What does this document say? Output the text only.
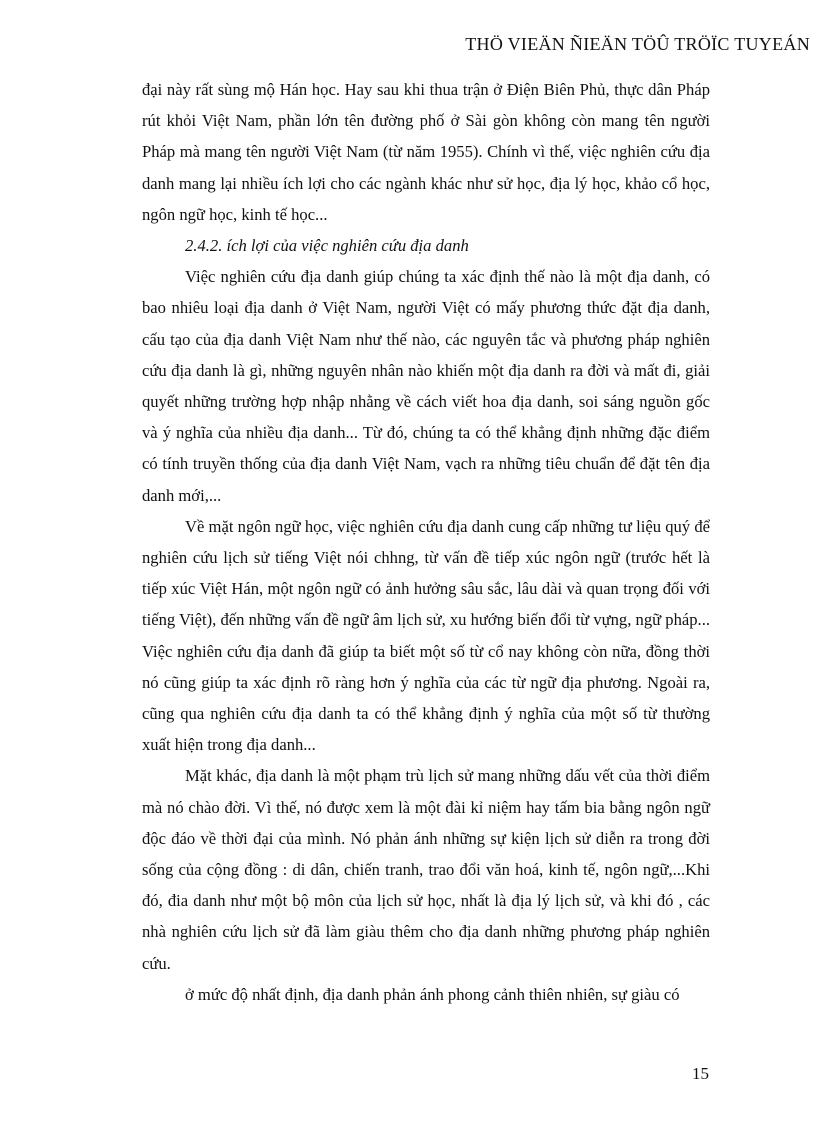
THÖ VIEÄN ÑIEÄN TÖÛ TRÖÏC TUYEÁN

đại này rất sùng mộ Hán học. Hay sau khi thua trận ở Điện Biên Phủ, thực dân Pháp rút khỏi Việt Nam, phần lớn tên đường phố ở Sài gòn không còn mang tên người Pháp mà mang tên người Việt Nam (từ năm 1955). Chính vì thế, việc nghiên cứu địa danh mang lại nhiều ích lợi cho các ngành khác như sử học, địa lý học, khảo cổ học, ngôn ngữ học, kinh tế học...

2.4.2. ích lợi của việc nghiên cứu địa danh

Việc nghiên cứu địa danh giúp chúng ta xác định thế nào là một địa danh, có bao nhiêu loại địa danh ở Việt Nam, người Việt có mấy phương thức đặt địa danh, cấu tạo của địa danh Việt Nam như thế nào, các nguyên tắc và phương pháp nghiên cứu địa danh là gì, những nguyên nhân nào khiến một địa danh ra đời và mất đi, giải quyết những trường hợp nhập nhằng về cách viết hoa địa danh, soi sáng nguồn gốc và ý nghĩa của nhiều địa danh... Từ đó, chúng ta có thể khẳng định những đặc điểm có tính truyền thống của địa danh Việt Nam, vạch ra những tiêu chuẩn để đặt tên địa danh mới,...

Về mặt ngôn ngữ học, việc nghiên cứu địa danh cung cấp những tư liệu quý để nghiên cứu lịch sử tiếng Việt nói chhng, từ vấn đề tiếp xúc ngôn ngữ (trước hết là tiếp xúc Việt Hán, một ngôn ngữ có ảnh hưởng sâu sắc, lâu dài và quan trọng đối với tiếng Việt), đến những vấn đề ngữ âm lịch sử, xu hướng biến đổi từ vựng, ngữ pháp... Việc nghiên cứu địa danh đã giúp ta biết một số từ cổ nay không còn nữa, đồng thời nó cũng giúp ta xác định rõ ràng hơn ý nghĩa của các từ ngữ địa phương. Ngoài ra, cũng qua nghiên cứu địa danh ta có thể khẳng định ý nghĩa của một số từ thường xuất hiện trong địa danh...

Mặt khác, địa danh là một phạm trù lịch sử mang những dấu vết của thời điểm mà nó chào đời. Vì thế, nó được xem là một đài kỉ niệm hay tấm bia bằng ngôn ngữ độc đáo về thời đại của mình. Nó phản ánh những sự kiện lịch sử diễn ra trong đời sống của cộng đồng : di dân, chiến tranh, trao đổi văn hoá, kinh tế, ngôn ngữ,...Khi đó, đia danh như một bộ môn của lịch sử học, nhất là địa lý lịch sử, và khi đó , các nhà nghiên cứu lịch sử đã làm giàu thêm cho địa danh những phương pháp nghiên cứu.

ở mức độ nhất định, địa danh phản ánh phong cảnh thiên nhiên, sự giàu có

15
